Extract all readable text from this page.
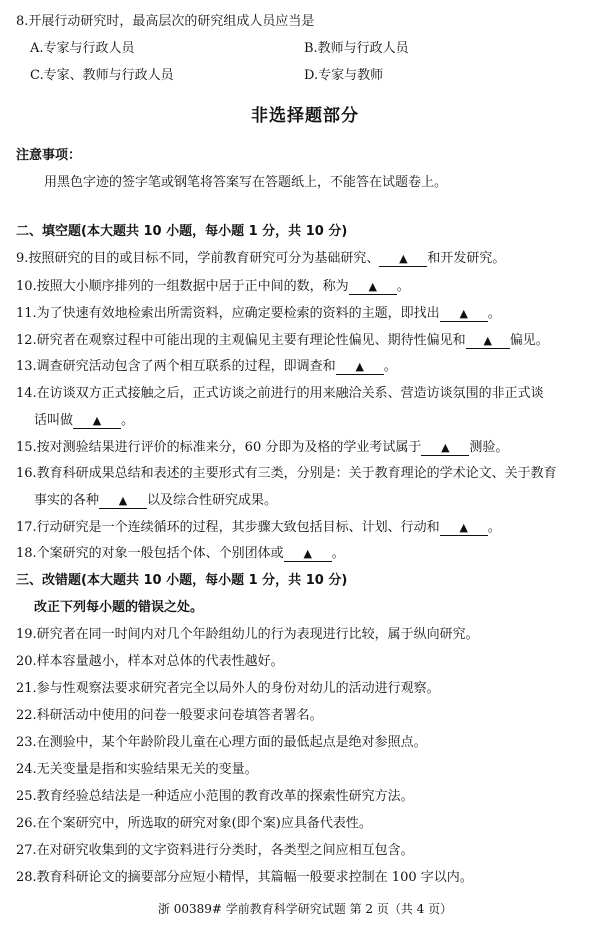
8.开展行动研究时，最高层次的研究组成人员应当是
A.专家与行政人员	B.教师与行政人员
C.专家、教师与行政人员	D.专家与教师
非选择题部分
注意事项：
用黑色字迹的签字笔或钢笔将答案写在答题纸上，不能答在试题卷上。
二、填空题(本大题共 10 小题，每小题 1 分，共 10 分)
9.按照研究的目的或目标不同，学前教育研究可分为基础研究、 ▲ 和开发研究。
10.按照大小顺序排列的一组数据中居于正中间的数，称为 ▲ 。
11.为了快速有效地检索出所需资料，应确定要检索的资料的主题，即找出 ▲ 。
12.研究者在观察过程中可能出现的主观偏见主要有理论性偏见、期待性偏见和 ▲ 偏见。
13.调查研究活动包含了两个相互联系的过程，即调查和 ▲ 。
14.在访谈双方正式接触之后，正式访谈之前进行的用来融洽关系、营造访谈氛围的非正式谈
话叫做 ▲ 。
15.按对测验结果进行评价的标准来分，60 分即为及格的学业考试属于 ▲ 测验。
16.教育科研成果总结和表述的主要形式有三类，分别是：关于教育理论的学术论文、关于教育
事实的各种 ▲ 以及综合性研究成果。
17.行动研究是一个连续循环的过程，其步骤大致包括目标、计划、行动和 ▲ 。
18.个案研究的对象一般包括个体、个别团体或 ▲ 。
三、改错题(本大题共 10 小题，每小题 1 分，共 10 分)
改正下列每小题的错误之处。
19.研究者在同一时间内对几个年龄组幼儿的行为表现进行比较，属于纵向研究。
20.样本容量越小，样本对总体的代表性越好。
21.参与性观察法要求研究者完全以局外人的身份对幼儿的活动进行观察。
22.科研活动中使用的问卷一般要求问卷填答者署名。
23.在测验中，某个年龄阶段儿童在心理方面的最低起点是绝对参照点。
24.无关变量是指和实验结果无关的变量。
25.教育经验总结法是一种适应小范围的教育改革的探索性研究方法。
26.在个案研究中，所选取的研究对象(即个案)应具备代表性。
27.在对研究收集到的文字资料进行分类时，各类型之间应相互包含。
28.教育科研论文的摘要部分应短小精悍，其篇幅一般要求控制在 100 字以内。
浙 00389# 学前教育科学研究试题 第 2 页（共 4 页）
